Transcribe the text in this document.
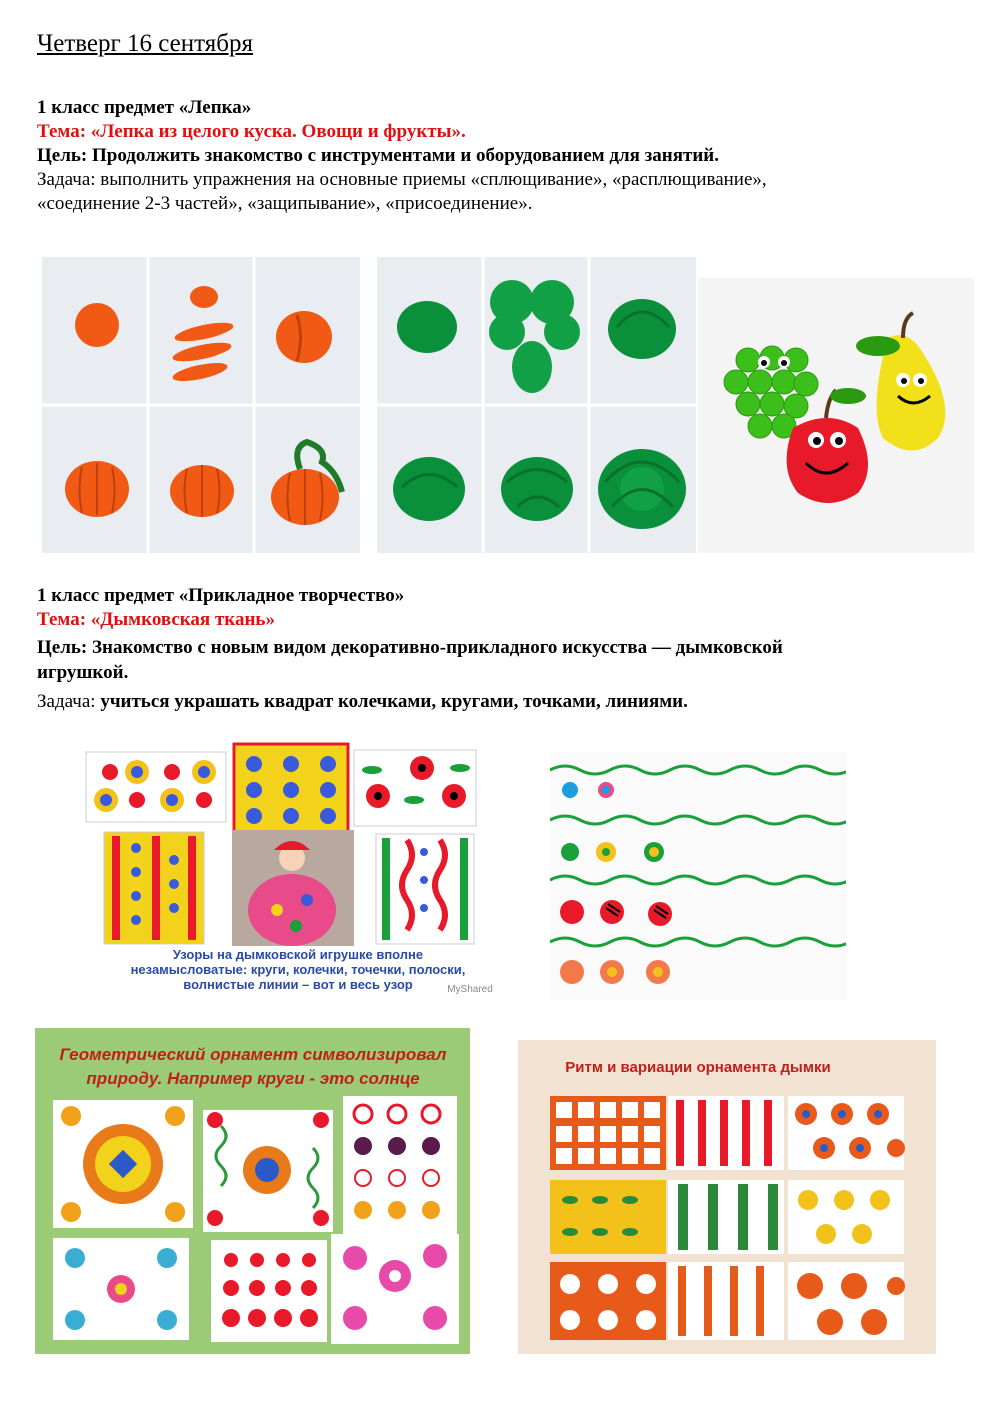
Четверг 16 сентября
1 класс предмет «Лепка»
Тема: «Лепка из целого куска. Овощи и фрукты».
Цель: Продолжить знакомство с инструментами и оборудованием для занятий.
Задача: выполнить упражнения на основные приемы «сплющивание», «расплющивание»,
«соединение 2-3 частей», «защипывание», «присоединение».
1 класс предмет «Прикладное творчество»
Тема: «Дымковская ткань»
Цель: Знакомство с новым видом декоративно-прикладного искусства — дымковской
игрушкой.
Задача: учиться украшать квадрат колечками, кругами, точками, линиями.
Узоры на дымковской игрушке вполне
незамысловатые: круги, колечки, точечки, полоски,
волнистые линии – вот и весь узор	MyShared
Геометрический орнамент символизировал
природу. Например круги - это солнце
Ритм и вариации орнамента дымки
